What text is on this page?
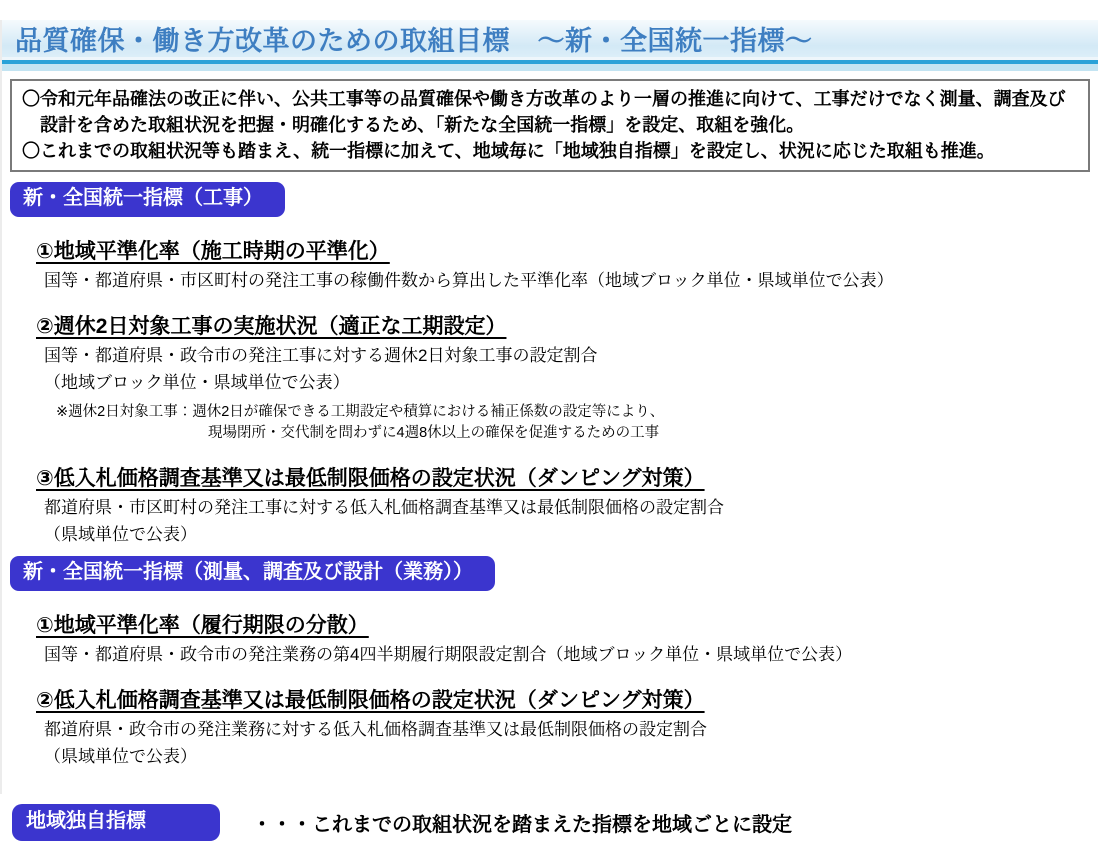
品質確保・働き方改革のための取組目標　～新・全国統一指標～

〇令和元年品確法の改正に伴い、公共工事等の品質確保や働き方改革のより一層の推進に向けて、工事だけでなく測量、調査及び設計を含めた取組状況を把握・明確化するため、「新たな全国統一指標」を設定、取組を強化。

〇これまでの取組状況等も踏まえ、統一指標に加えて、地域毎に「地域独自指標」を設定し、状況に応じた取組も推進。

新・全国統一指標（工事）
①地域平準化率（施工時期の平準化）
国等・都道府県・市区町村の発注工事の稼働件数から算出した平準化率（地域ブロック単位・県域単位で公表）
②週休2日対象工事の実施状況（適正な工期設定）
国等・都道府県・政令市の発注工事に対する週休2日対象工事の設定割合
（地域ブロック単位・県域単位で公表）
※週休2日対象工事：週休2日が確保できる工期設定や積算における補正係数の設定等により、
現場閉所・交代制を問わずに4週8休以上の確保を促進するための工事
③低入札価格調査基準又は最低制限価格の設定状況（ダンピング対策）
都道府県・市区町村の発注工事に対する低入札価格調査基準又は最低制限価格の設定割合
（県域単位で公表）
新・全国統一指標（測量、調査及び設計（業務））
①地域平準化率（履行期限の分散）
国等・都道府県・政令市の発注業務の第4四半期履行期限設定割合（地域ブロック単位・県域単位で公表）
②低入札価格調査基準又は最低制限価格の設定状況（ダンピング対策）
都道府県・政令市の発注業務に対する低入札価格調査基準又は最低制限価格の設定割合
（県域単位で公表）
地域独自指標	・・・これまでの取組状況を踏まえた指標を地域ごとに設定
